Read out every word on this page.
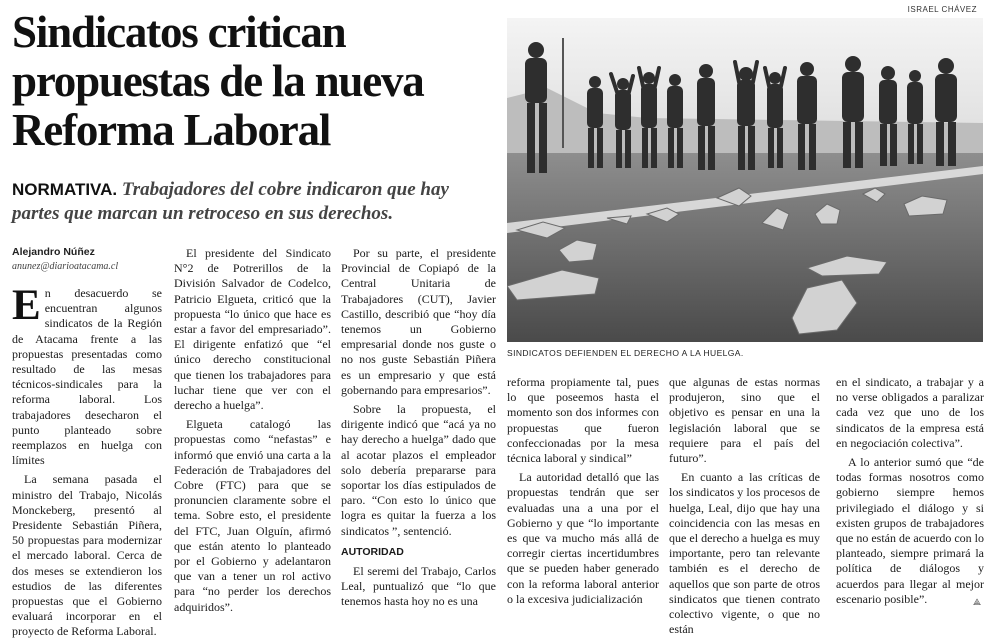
Sindicatos critican propuestas de la nueva Reforma Laboral

NORMATIVA. Trabajadores del cobre indicaron que hay partes que marcan un retroceso en sus derechos.

ISRAEL CHÁVEZ
SINDICATOS DEFIENDEN EL DERECHO A LA HUELGA.
Alejandro Núñez
anunez@diarioatacama.cl

En desacuerdo se encuentran algunos sindicatos de la Región de Atacama frente a las propuestas presentadas como resultado de las mesas técnicos-sindicales para la reforma laboral. Los trabajadores desecharon el punto planteado sobre reemplazos en huelga con límites

La semana pasada el ministro del Trabajo, Nicolás Monckeberg, presentó al Presidente Sebastián Piñera, 50 propuestas para modernizar el mercado laboral. Cerca de dos meses se extendieron los estudios de las diferentes propuestas que el Gobierno evaluará incorporar en el proyecto de Reforma Laboral.

El presidente del Sindicato N°2 de Potrerillos de la División Salvador de Codelco, Patricio Elgueta, criticó que la propuesta “lo único que hace es estar a favor del empresariado”. El dirigente enfatizó que “el único derecho constitucional que tienen los trabajadores para luchar tiene que ver con el derecho a huelga”.

Elgueta catalogó las propuestas como “nefastas” e informó que envió una carta a la Federación de Trabajadores del Cobre (FTC) para que se pronuncien claramente sobre el tema. Sobre esto, el presidente del FTC, Juan Olguín, afirmó que están atento lo planteado por el Gobierno y adelantaron que van a tener un rol activo para “no perder los derechos adquiridos”.

Por su parte, el presidente Provincial de Copiapó de la Central Unitaria de Trabajadores (CUT), Javier Castillo, describió que “hoy día tenemos un Gobierno empresarial donde nos guste o no nos guste Sebastián Piñera es un empresario y que está gobernando para empresarios”.

Sobre la propuesta, el dirigente indicó que “acá ya no hay derecho a huelga” dado que al acotar plazos el empleador solo debería prepararse para soportar los días estipulados de paro. “Con esto lo único que logra es quitar la fuerza a los sindicatos ”, sentenció.

AUTORIDAD

El seremi del Trabajo, Carlos Leal, puntualizó que “lo que tenemos hasta hoy no es una

reforma propiamente tal, pues lo que poseemos hasta el momento son dos informes con propuestas que fueron confeccionadas por la mesa técnica laboral y sindical”

La autoridad detalló que las propuestas tendrán que ser evaluadas una a una por el Gobierno y que “lo importante es que va mucho más allá de corregir ciertas incertidumbres que se pueden haber generado con la reforma laboral anterior o la excesiva judicialización

que algunas de estas normas produjeron, sino que el objetivo es pensar en una la legislación laboral que se requiere para el país del futuro”.

En cuanto a las críticas de los sindicatos y los procesos de huelga, Leal, dijo que hay una coincidencia con las mesas en que el derecho a huelga es muy importante, pero tan relevante también es el derecho de aquellos que son parte de otros sindicatos que tienen contrato colectivo vigente, o que no están

en el sindicato, a trabajar y a no verse obligados a paralizar cada vez que uno de los sindicatos de la empresa está en negociación colectiva”.

A lo anterior sumó que “de todas formas nosotros como gobierno siempre hemos privilegiado el diálogo y si existen grupos de trabajadores que no están de acuerdo con lo planteado, siempre primará la política de diálogos y acuerdos para llegar al mejor escenario posible”.	⟁
